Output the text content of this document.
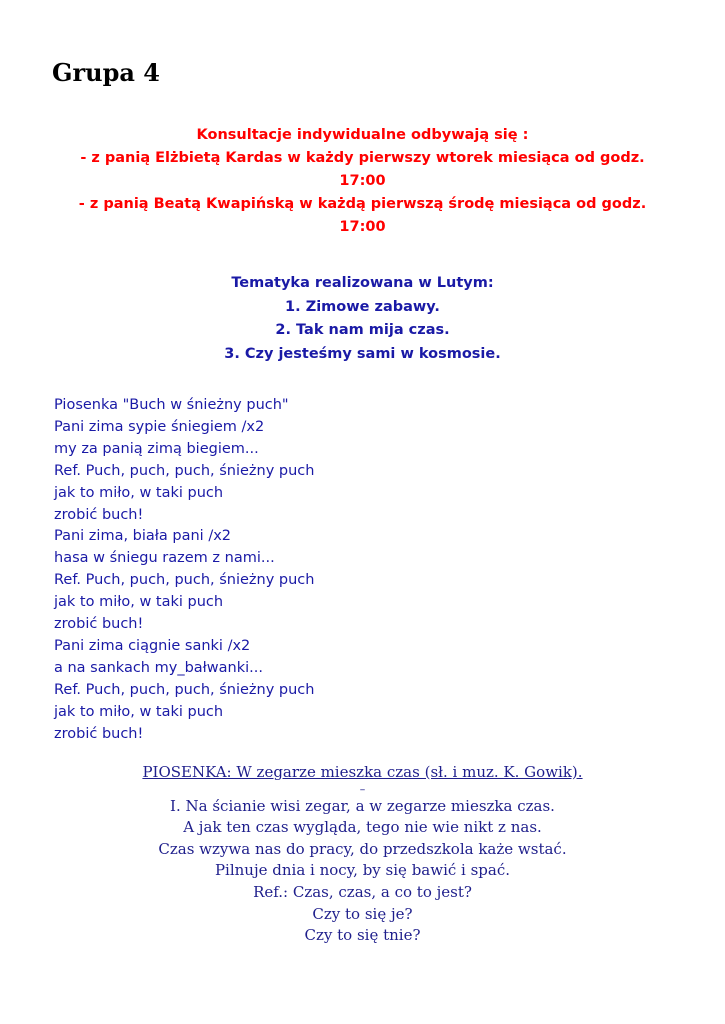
Grupa 4
Konsultacje indywidualne odbywają się :
- z panią Elżbietą Kardas w każdy pierwszy wtorek miesiąca od godz.
17:00
- z panią Beatą Kwapińską w każdą pierwszą środę miesiąca od godz.
17:00
Tematyka realizowana w Lutym:
1. Zimowe zabawy.
2. Tak nam mija czas.
3. Czy jesteśmy sami w kosmosie.
Piosenka "Buch w śnieżny puch"
Pani zima sypie śniegiem /x2
my za panią zimą biegiem...
Ref. Puch, puch, puch, śnieżny puch
jak to miło, w taki puch
zrobić buch!
Pani zima, biała pani /x2
hasa w śniegu razem z nami...
Ref. Puch, puch, puch, śnieżny puch
jak to miło, w taki puch
zrobić buch!
Pani zima ciągnie sanki /x2
a na sankach my_bałwanki...
Ref. Puch, puch, puch, śnieżny puch
jak to miło, w taki puch
zrobić buch!
PIOSENKA: W zegarze mieszka czas (sł. i muz. K. Gowik).
–
I. Na ścianie wisi zegar, a w zegarze mieszka czas.
A jak ten czas wygląda, tego nie wie nikt z nas.
Czas wzywa nas do pracy, do przedszkola każe wstać.
Pilnuje dnia i nocy, by się bawić i spać.
Ref.: Czas, czas, a co to jest?
Czy to się je?
Czy to się tnie?
